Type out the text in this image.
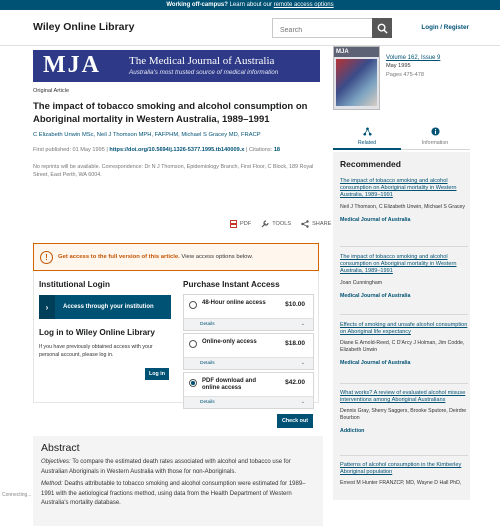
Working off-campus? Learn about our remote access options
Wiley Online Library
Search	Login / Register
MJA	The Medical Journal of Australia
Australia's most trusted source of medical information
Original Article
The impact of tobacco smoking and alcohol consumption on Aboriginal mortality in Western Australia, 1989–1991
C Elizabeth Unwin MSc, Neil J Thomson MPH, FAFPHM, Michael S Gracey MD, FRACP
First published: 01 May 1995 | https://doi.org/10.5694/j.1326-5377.1995.tb140009.x | Citations: 18
No reprints will be available. Correspondence: Dr N J Thomson, Epidemiology Branch, First Floor, C Block, 189 Royal Street, East Perth, WA 6004.
PDF	TOOLS	SHARE
!	Get access to the full version of this article. View access options below.
Institutional Login
›	Access through your institution
Log in to Wiley Online Library
If you have previously obtained access with your personal account, please log in.
Log in
Purchase Instant Access
48-Hour online access	$10.00
Details	⌄
Online-only access	$18.00
Details	⌄
PDF download and online access
$42.00
Details	⌄
Check out
Abstract
Objectives: To compare the estimated death rates associated with alcohol and tobacco use for Australian Aboriginals in Western Australia with those for non-Aboriginals.
Method: Deaths attributable to tobacco smoking and alcohol consumption were estimated for 1989–1991 with the aetiological fractions method, using data from the Health Department of Western Australia's mortality database.
MJA
Volume 162, Issue 9
May 1995
Pages 475-478
Related	Information
Recommended
The impact of tobacco smoking and alcohol consumption on Aboriginal mortality in Western Australia, 1989–1991
Neil J Thomson, C Elizabeth Unwin, Michael S Gracey
Medical Journal of Australia
The impact of tobacco smoking and alcohol consumption on Aboriginal mortality in Western Australia, 1989–1991
Joan Cunningham
Medical Journal of Australia
Effects of smoking and unsafe alcohol consumption on Aboriginal life expectancy
Diane E Arnold-Reed, C D'Arcy J Holman, Jim Codde, Elizabeth Unwin
Medical Journal of Australia
What works? A review of evaluated alcohol misuse interventions among Aboriginal Australians
Dennis Gray, Sherry Saggers, Brooke Sputore, Deirdre Bourbon
Addiction
Patterns of alcohol consumption in the Kimberley Aboriginal population
Ernest M Hunter FRANZCP, MD, Wayne D Hall PhD,
Connecting...
